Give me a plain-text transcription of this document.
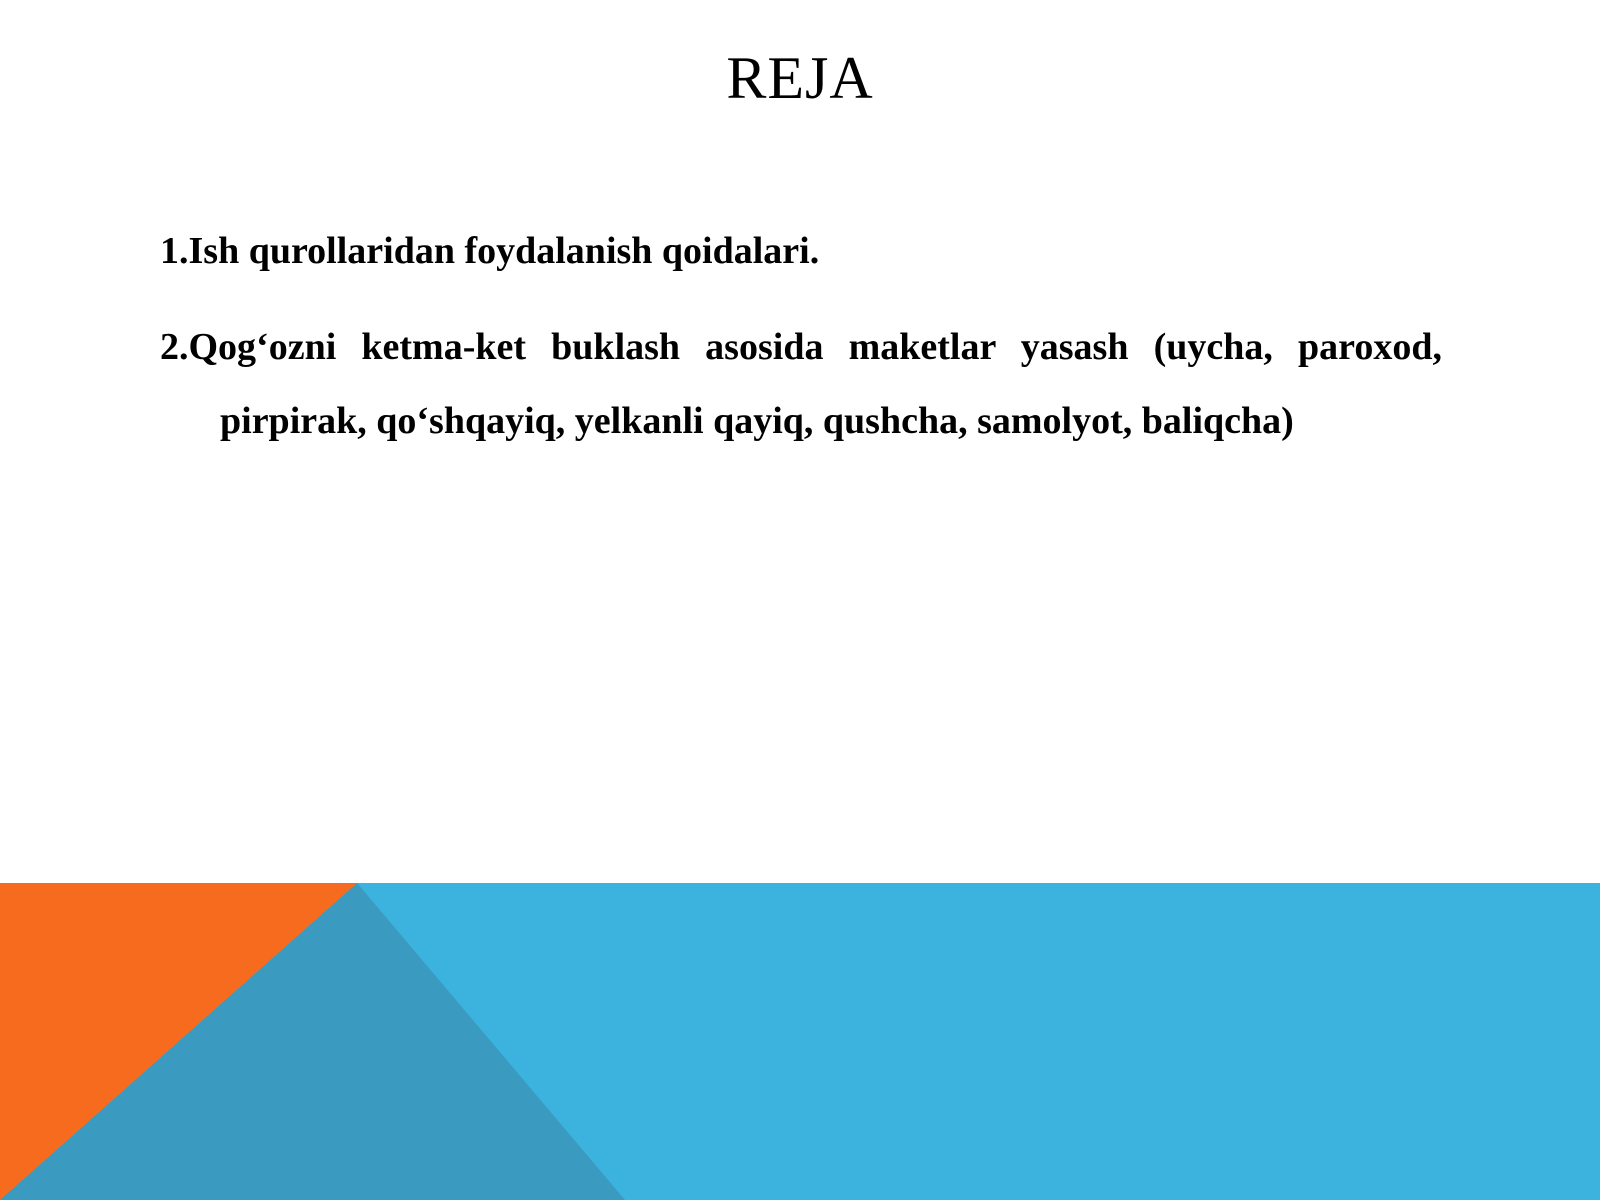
REJA
1.Ish qurollaridan foydalanish qoidalari.
2.Qog‘ozni ketma-ket buklash asosida maketlar yasash (uycha, paroxod, pirpirak, qo‘shqayiq, yelkanli qayiq, qushcha, samolyot, baliqcha)
